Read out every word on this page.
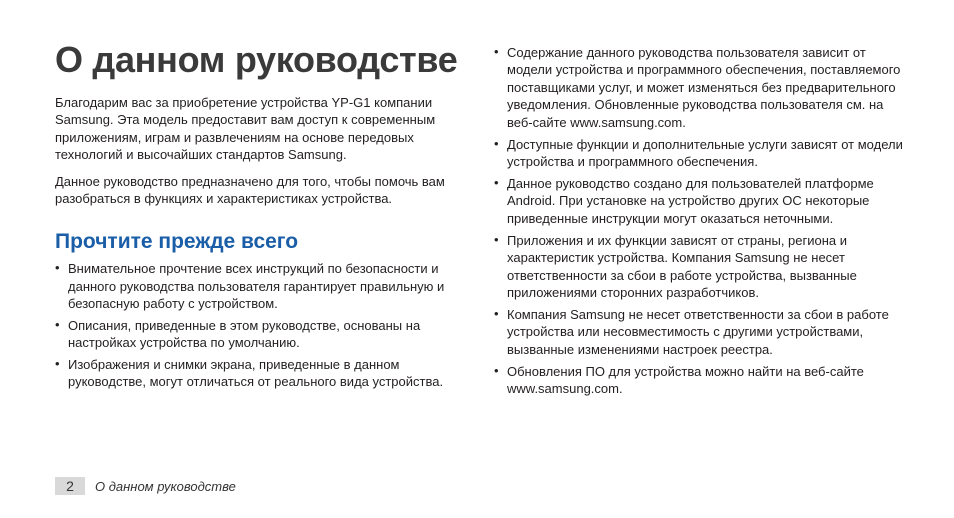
О данном руководстве

Благодарим вас за приобретение устройства YP-G1 компании Samsung. Эта модель предоставит вам доступ к современным приложениям, играм и развлечениям на основе передовых технологий и высочайших стандартов Samsung.

Данное руководство предназначено для того, чтобы помочь вам разобраться в функциях и характеристиках устройства.

Прочтите прежде всего
• Внимательное прочтение всех инструкций по безопасности и данного руководства пользователя гарантирует правильную и безопасную работу с устройством.
• Описания, приведенные в этом руководстве, основаны на настройках устройства по умолчанию.
• Изображения и снимки экрана, приведенные в данном руководстве, могут отличаться от реального вида устройства.
• Содержание данного руководства пользователя зависит от модели устройства и программного обеспечения, поставляемого поставщиками услуг, и может изменяться без предварительного уведомления. Обновленные руководства пользователя см. на веб-сайте www.samsung.com.
• Доступные функции и дополнительные услуги зависят от модели устройства и программного обеспечения.
• Данное руководство создано для пользователей платформе Android. При установке на устройство других ОС некоторые приведенные инструкции могут оказаться неточными.
• Приложения и их функции зависят от страны, региона и характеристик устройства. Компания Samsung не несет ответственности за сбои в работе устройства, вызванные приложениями сторонних разработчиков.
• Компания Samsung не несет ответственности за сбои в работе устройства или несовместимость с другими устройствами, вызванные изменениями настроек реестра.
• Обновления ПО для устройства можно найти на веб-сайте www.samsung.com.
2	О данном руководстве
